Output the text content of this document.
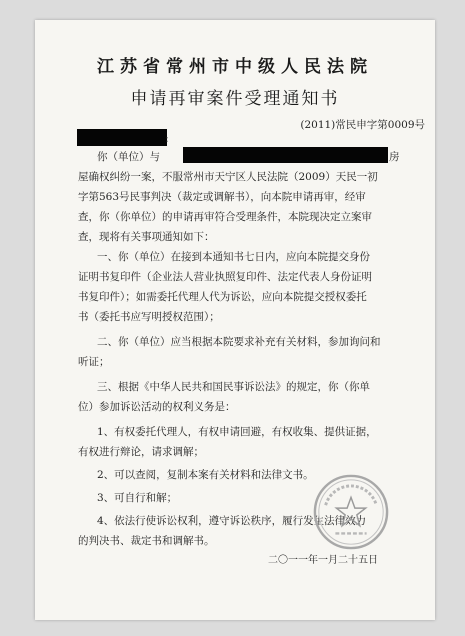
江苏省常州市中级人民法院
申请再审案件受理通知书
(2011)常民申字第0009号
:
你（单位）与	房
屋确权纠纷一案，不服常州市天宁区人民法院（2009）天民一初
字第563号民事判决（裁定或调解书），向本院申请再审，经审
查，你（你单位）的申请再审符合受理条件，本院现决定立案审
查，现将有关事项通知如下：
一、你（单位）在接到本通知书七日内，应向本院提交身份
证明书复印件（企业法人营业执照复印件、法定代表人身份证明
书复印件）；如需委托代理人代为诉讼，应向本院提交授权委托
书（委托书应写明授权范围）；
二、你（单位）应当根据本院要求补充有关材料，参加询问和
听证；
三、根据《中华人民共和国民事诉讼法》的规定，你（你单
位）参加诉讼活动的权利义务是：
1、有权委托代理人，有权申请回避，有权收集、提供证据，
有权进行辩论，请求调解；
2、可以查阅，复制本案有关材料和法律文书。
3、可自行和解；
4、依法行使诉讼权利，遵守诉讼秩序，履行发生法律效力
的判决书、裁定书和调解书。
二〇一一年一月二十五日
